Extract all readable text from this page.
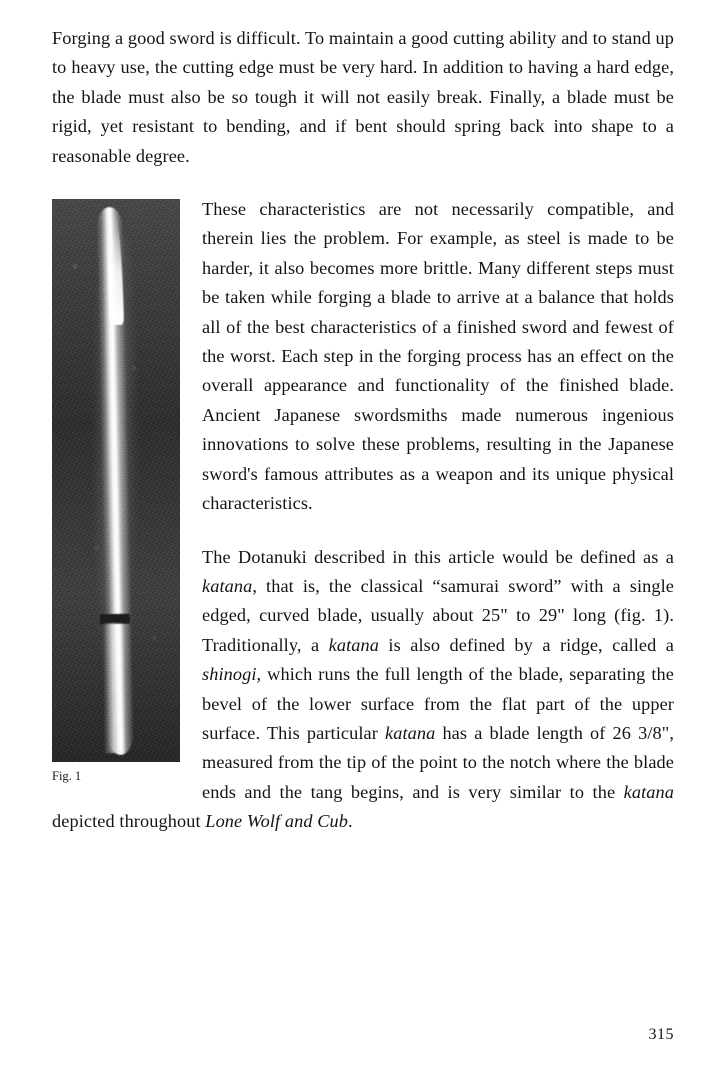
Forging a good sword is difficult. To maintain a good cutting ability and to stand up to heavy use, the cutting edge must be very hard. In addition to having a hard edge, the blade must also be so tough it will not easily break. Finally, a blade must be rigid, yet resistant to bending, and if bent should spring back into shape to a reasonable degree.

Fig. 1

These characteristics are not necessarily compatible, and therein lies the problem. For example, as steel is made to be harder, it also becomes more brittle. Many different steps must be taken while forging a blade to arrive at a balance that holds all of the best characteristics of a finished sword and fewest of the worst. Each step in the forging process has an effect on the overall appearance and functionality of the finished blade. Ancient Japanese swordsmiths made numerous ingenious innovations to solve these problems, resulting in the Japanese sword's famous attributes as a weapon and its unique physical characteristics.

The Dotanuki described in this article would be defined as a katana, that is, the classical “samurai sword” with a single edged, curved blade, usually about 25" to 29" long (fig. 1). Traditionally, a katana is also defined by a ridge, called a shinogi, which runs the full length of the blade, separating the bevel of the lower surface from the flat part of the upper surface. This particular katana has a blade length of 26 3/8", measured from the tip of the point to the notch where the blade ends and the tang begins, and is very similar to the katana depicted throughout Lone Wolf and Cub.

315
